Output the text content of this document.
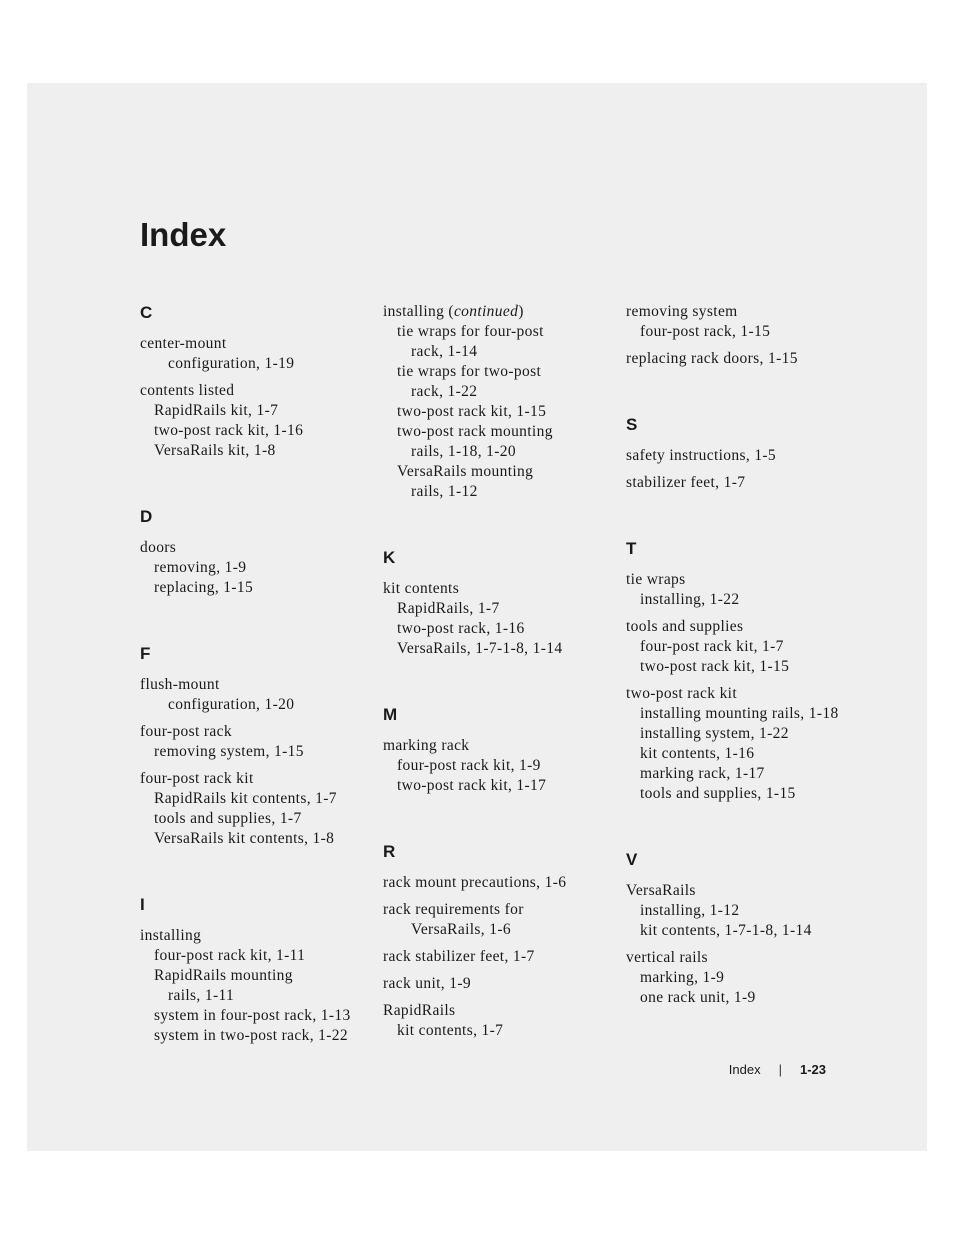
Index
C
center-mount
configuration, 1-19
contents listed
RapidRails kit, 1-7
two-post rack kit, 1-16
VersaRails kit, 1-8
D
doors
removing, 1-9
replacing, 1-15
F
flush-mount
configuration, 1-20
four-post rack
removing system, 1-15
four-post rack kit
RapidRails kit contents, 1-7
tools and supplies, 1-7
VersaRails kit contents, 1-8
I
installing
four-post rack kit, 1-11
RapidRails mounting
rails, 1-11
system in four-post rack, 1-13
system in two-post rack, 1-22
installing (continued)
tie wraps for four-post
rack, 1-14
tie wraps for two-post
rack, 1-22
two-post rack kit, 1-15
two-post rack mounting
rails, 1-18, 1-20
VersaRails mounting
rails, 1-12
K
kit contents
RapidRails, 1-7
two-post rack, 1-16
VersaRails, 1-7-1-8, 1-14
M
marking rack
four-post rack kit, 1-9
two-post rack kit, 1-17
R
rack mount precautions, 1-6
rack requirements for
VersaRails, 1-6
rack stabilizer feet, 1-7
rack unit, 1-9
RapidRails
kit contents, 1-7
removing system
four-post rack, 1-15
replacing rack doors, 1-15
S
safety instructions, 1-5
stabilizer feet, 1-7
T
tie wraps
installing, 1-22
tools and supplies
four-post rack kit, 1-7
two-post rack kit, 1-15
two-post rack kit
installing mounting rails, 1-18
installing system, 1-22
kit contents, 1-16
marking rack, 1-17
tools and supplies, 1-15
V
VersaRails
installing, 1-12
kit contents, 1-7-1-8, 1-14
vertical rails
marking, 1-9
one rack unit, 1-9
Index | 1-23
